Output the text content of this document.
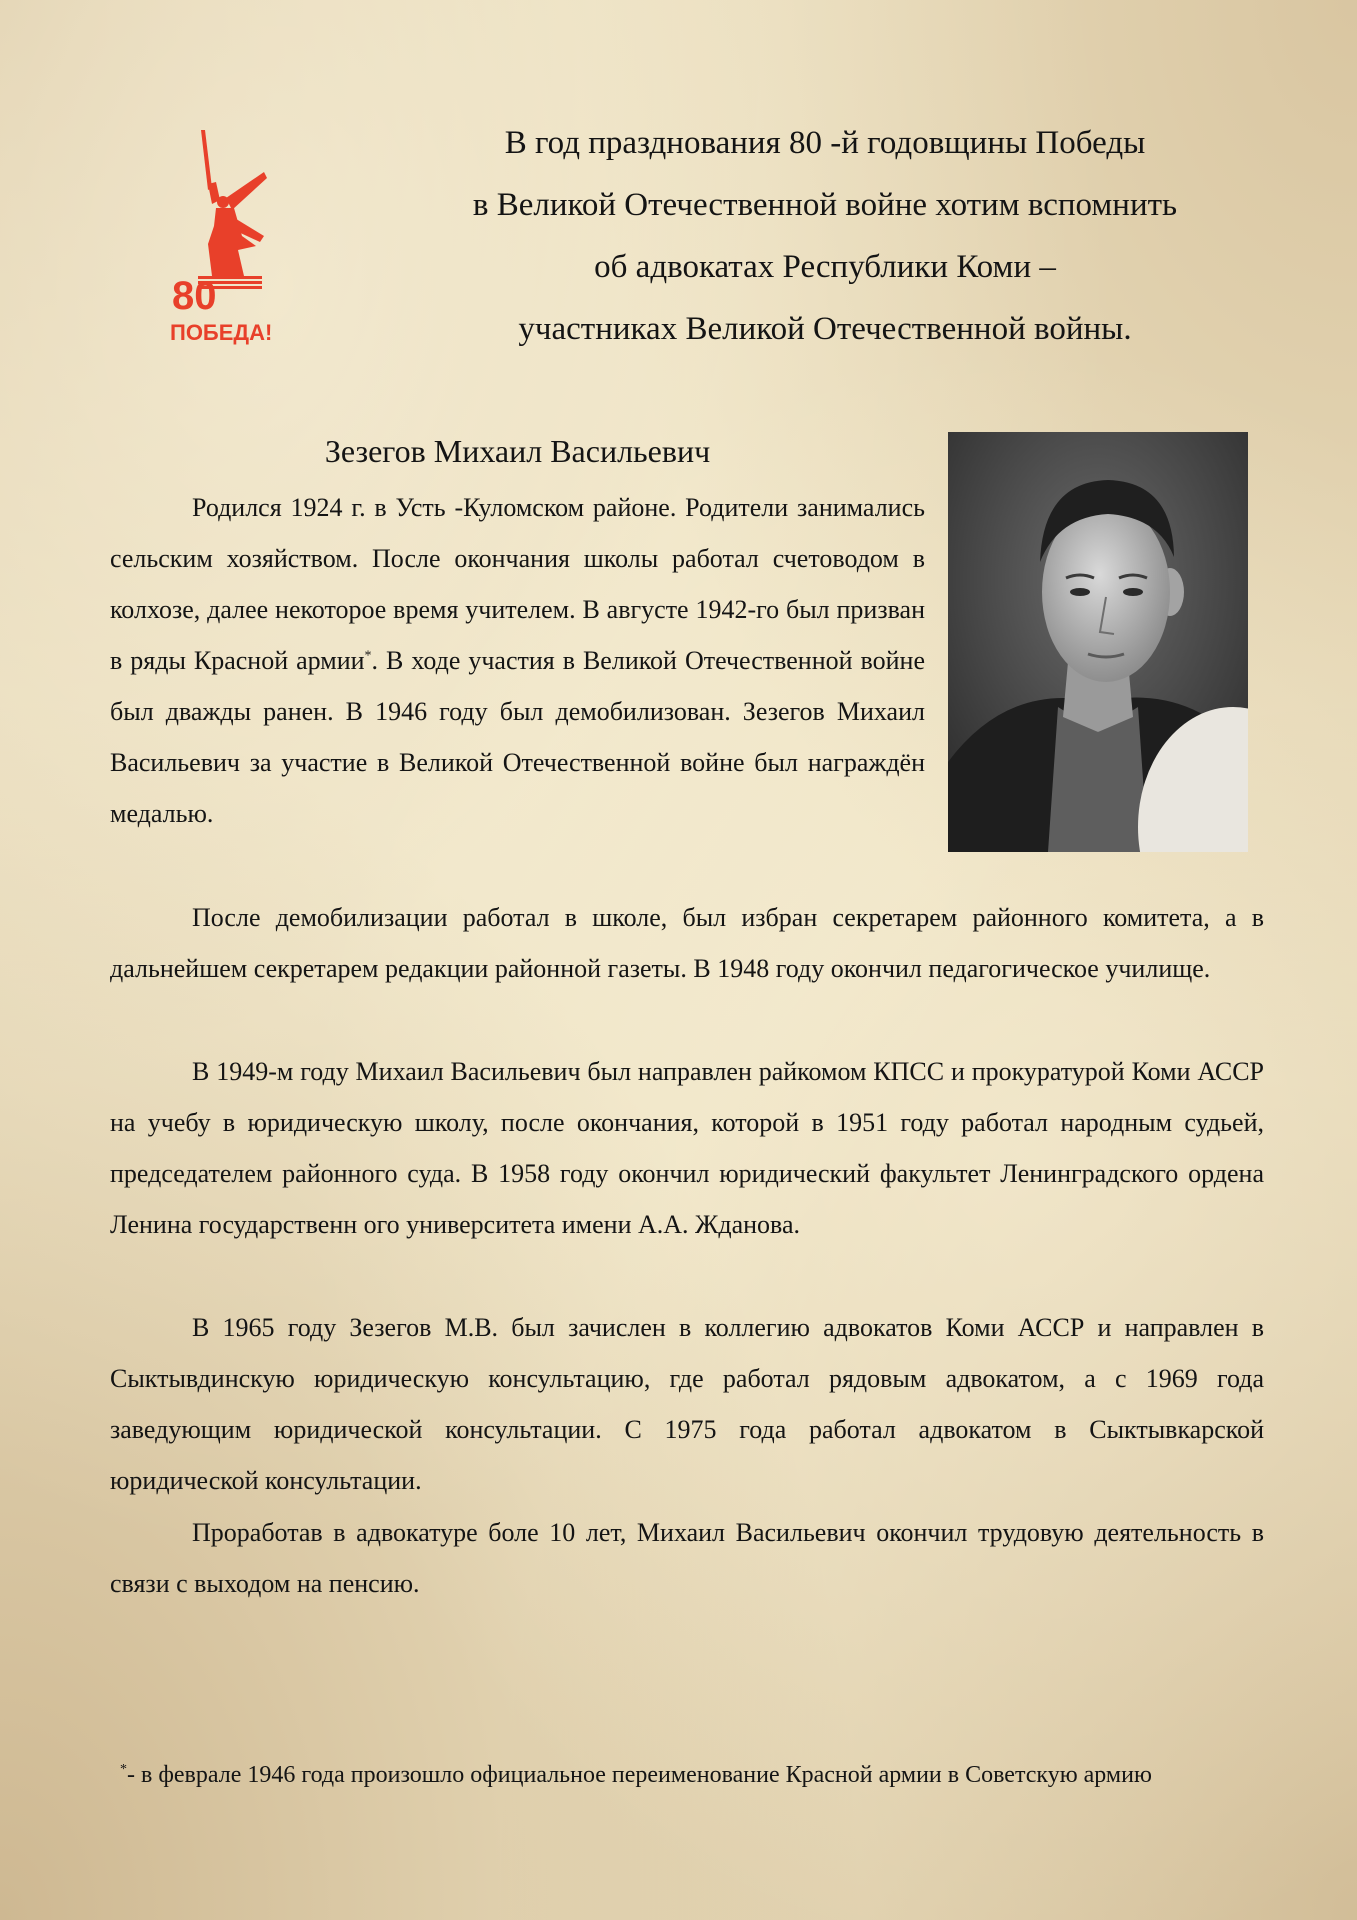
80
ПОБЕДА!
В год празднования 80 -й годовщины Победы
в Великой Отечественной войне хотим вспомнить
об адвокатах Республики Коми –
участниках Великой Отечественной войны.
Зезегов Михаил Васильевич
Родился 1924 г. в Усть -Куломском районе. Родители занимались сельским хозяйством. После окончания школы работал счетоводом в колхозе, далее некоторое время учителем. В августе 1942-го был призван в ряды Красной армии*. В ходе участия в Великой Отечественной войне был дважды ранен. В 1946 году был демобилизован. Зезегов Михаил Васильевич за участие в Великой Отечественной войне был награждён медалью.
После демобилизации работал в школе, был избран секретарем районного комитета, а в дальнейшем секретарем редакции районной газеты. В 1948 году окончил педагогическое училище.
В 1949-м году Михаил Васильевич был направлен райкомом КПСС и прокуратурой Коми АССР на учебу в юридическую школу, после окончания, которой в 1951 году работал народным судьей, председателем районного суда. В 1958 году окончил юридический факультет Ленинградского ордена Ленина государственн ого университета имени А.А. Жданова.
В 1965 году Зезегов М.В. был зачислен в коллегию адвокатов Коми АССР и направлен в Сыктывдинскую юридическую консультацию, где работал рядовым адвокатом, а с 1969 года заведующим юридической консультации. С 1975 года работал адвокатом в Сыктывкарской юридической консультации.
Проработав в адвокатуре боле 10 лет, Михаил Васильевич окончил трудовую деятельность в связи с выходом на пенсию.
*- в феврале 1946 года произошло официальное переименование Красной армии в Советскую армию
